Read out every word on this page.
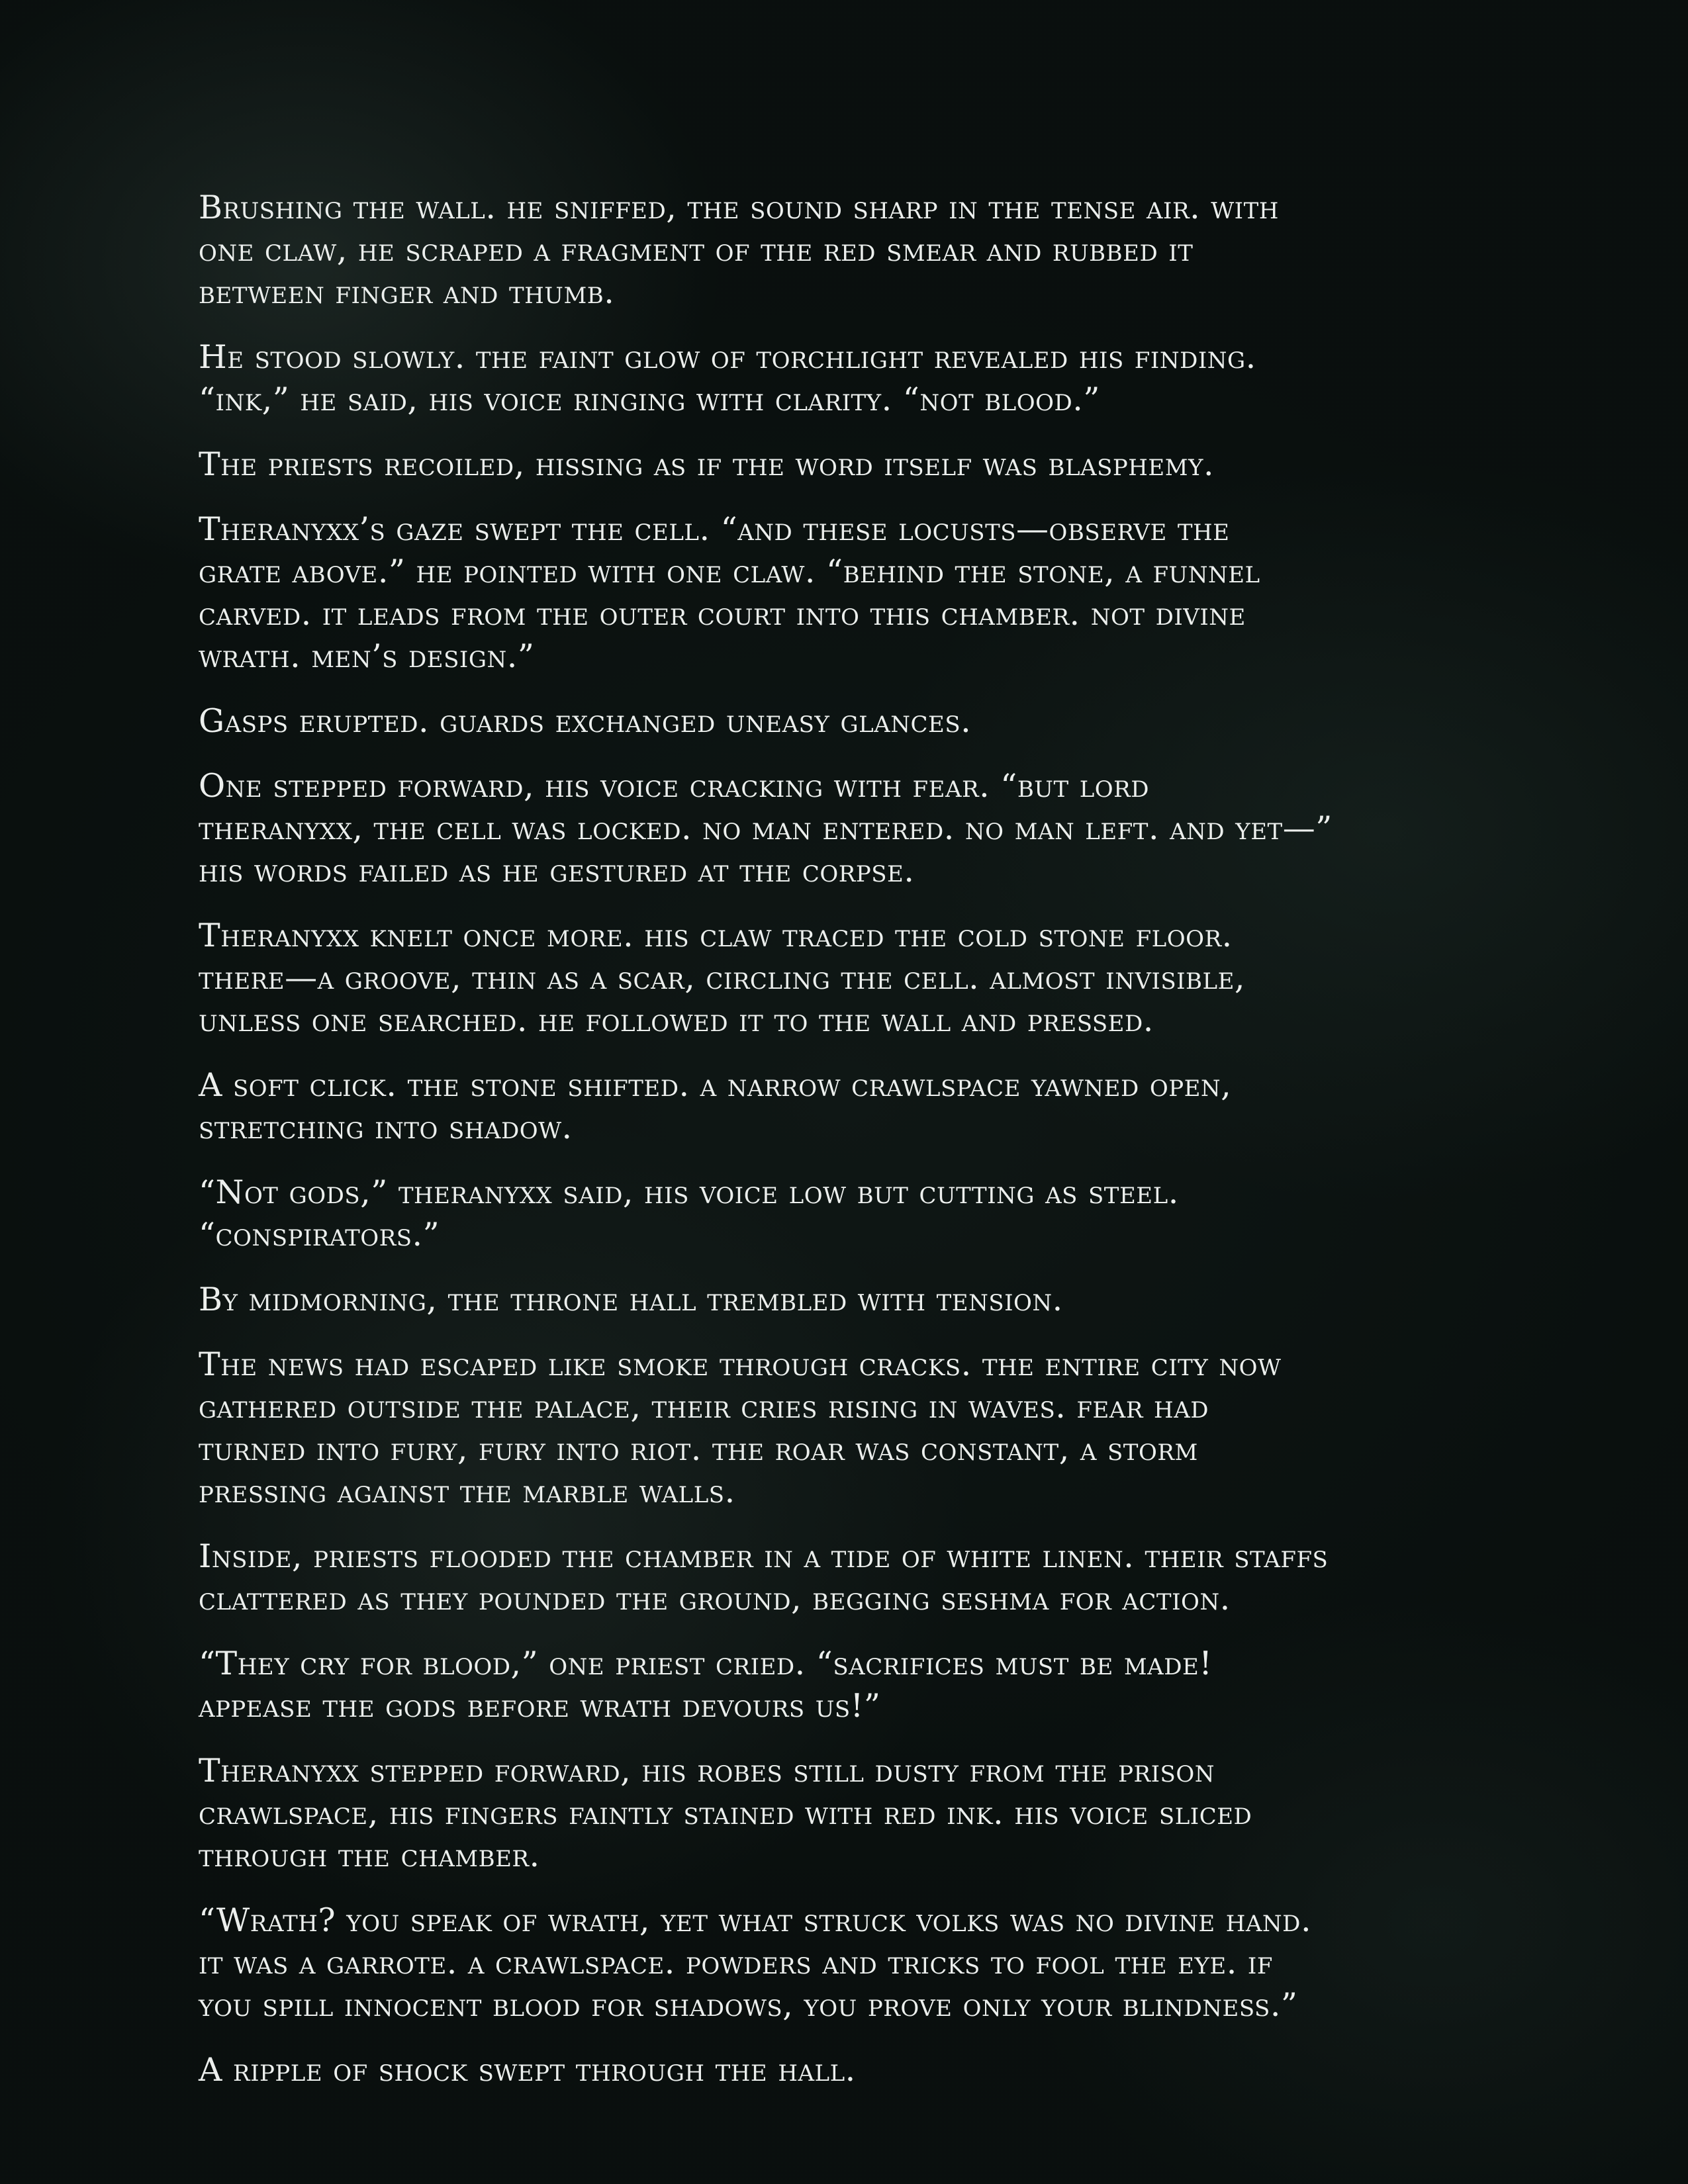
Brushing the wall. he sniffed, the sound sharp in the tense air. with
one claw, he scraped a fragment of the red smear and rubbed it
between finger and thumb.

He stood slowly. the faint glow of torchlight revealed his finding.
“ink,” he said, his voice ringing with clarity. “not blood.”

The priests recoiled, hissing as if the word itself was blasphemy.

Theranyxx’s gaze swept the cell. “and these locusts—observe the
grate above.” he pointed with one claw. “behind the stone, a funnel
carved. it leads from the outer court into this chamber. not divine
wrath. men’s design.”

Gasps erupted. guards exchanged uneasy glances.

One stepped forward, his voice cracking with fear. “but lord
theranyxx, the cell was locked. no man entered. no man left. and yet—”
his words failed as he gestured at the corpse.

Theranyxx knelt once more. his claw traced the cold stone floor.
there—a groove, thin as a scar, circling the cell. almost invisible,
unless one searched. he followed it to the wall and pressed.

A soft click. the stone shifted. a narrow crawlspace yawned open,
stretching into shadow.

“Not gods,” theranyxx said, his voice low but cutting as steel.
“conspirators.”

By midmorning, the throne hall trembled with tension.

The news had escaped like smoke through cracks. the entire city now
gathered outside the palace, their cries rising in waves. fear had
turned into fury, fury into riot. the roar was constant, a storm
pressing against the marble walls.

Inside, priests flooded the chamber in a tide of white linen. their staffs
clattered as they pounded the ground, begging seshma for action.

“They cry for blood,” one priest cried. “sacrifices must be made!
appease the gods before wrath devours us!”

Theranyxx stepped forward, his robes still dusty from the prison
crawlspace, his fingers faintly stained with red ink. his voice sliced
through the chamber.

“Wrath? you speak of wrath, yet what struck volks was no divine hand.
it was a garrote. a crawlspace. powders and tricks to fool the eye. if
you spill innocent blood for shadows, you prove only your blindness.”

A ripple of shock swept through the hall.
